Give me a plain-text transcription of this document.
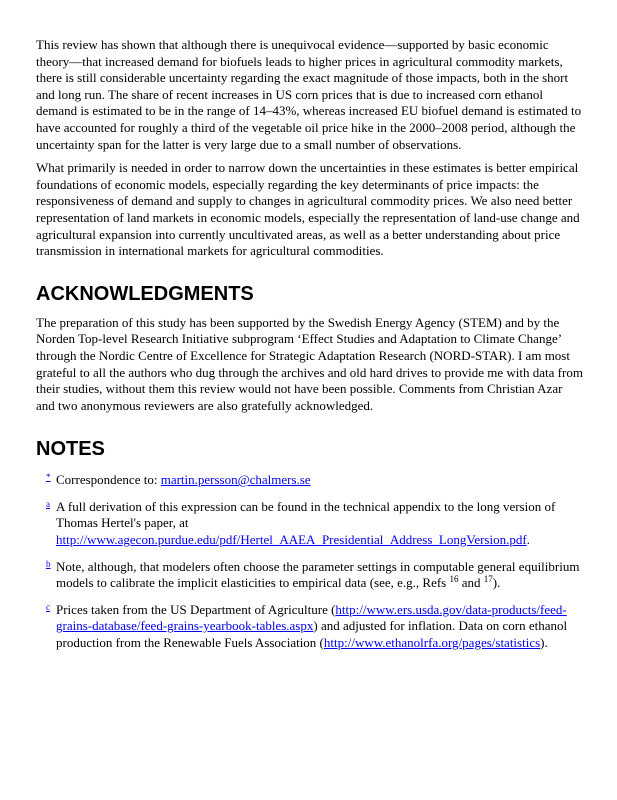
This review has shown that although there is unequivocal evidence—supported by basic economic theory—that increased demand for biofuels leads to higher prices in agricultural commodity markets, there is still considerable uncertainty regarding the exact magnitude of those impacts, both in the short and long run. The share of recent increases in US corn prices that is due to increased corn ethanol demand is estimated to be in the range of 14–43%, whereas increased EU biofuel demand is estimated to have accounted for roughly a third of the vegetable oil price hike in the 2000–2008 period, although the uncertainty span for the latter is very large due to a small number of observations.

What primarily is needed in order to narrow down the uncertainties in these estimates is better empirical foundations of economic models, especially regarding the key determinants of price impacts: the responsiveness of demand and supply to changes in agricultural commodity prices. We also need better representation of land markets in economic models, especially the representation of land-use change and agricultural expansion into currently uncultivated areas, as well as a better understanding about price transmission in international markets for agricultural commodities.

ACKNOWLEDGMENTS

The preparation of this study has been supported by the Swedish Energy Agency (STEM) and by the Norden Top-level Research Initiative subprogram ‘Effect Studies and Adaptation to Climate Change’ through the Nordic Centre of Excellence for Strategic Adaptation Research (NORD-STAR). I am most grateful to all the authors who dug through the archives and old hard drives to provide me with data from their studies, without them this review would not have been possible. Comments from Christian Azar and two anonymous reviewers are also gratefully acknowledged.

NOTES
* Correspondence to: martin.persson@chalmers.se
a A full derivation of this expression can be found in the technical appendix to the long version of Thomas Hertel's paper, at http://www.agecon.purdue.edu/pdf/Hertel_AAEA_Presidential_Address_LongVersion.pdf.
b Note, although, that modelers often choose the parameter settings in computable general equilibrium models to calibrate the implicit elasticities to empirical data (see, e.g., Refs $^{16}$ and $^{17}$).
c Prices taken from the US Department of Agriculture (http://www.ers.usda.gov/data-products/feed-grains-database/feed-grains-yearbook-tables.aspx) and adjusted for inflation. Data on corn ethanol production from the Renewable Fuels Association (http://www.ethanolrfa.org/pages/statistics).
